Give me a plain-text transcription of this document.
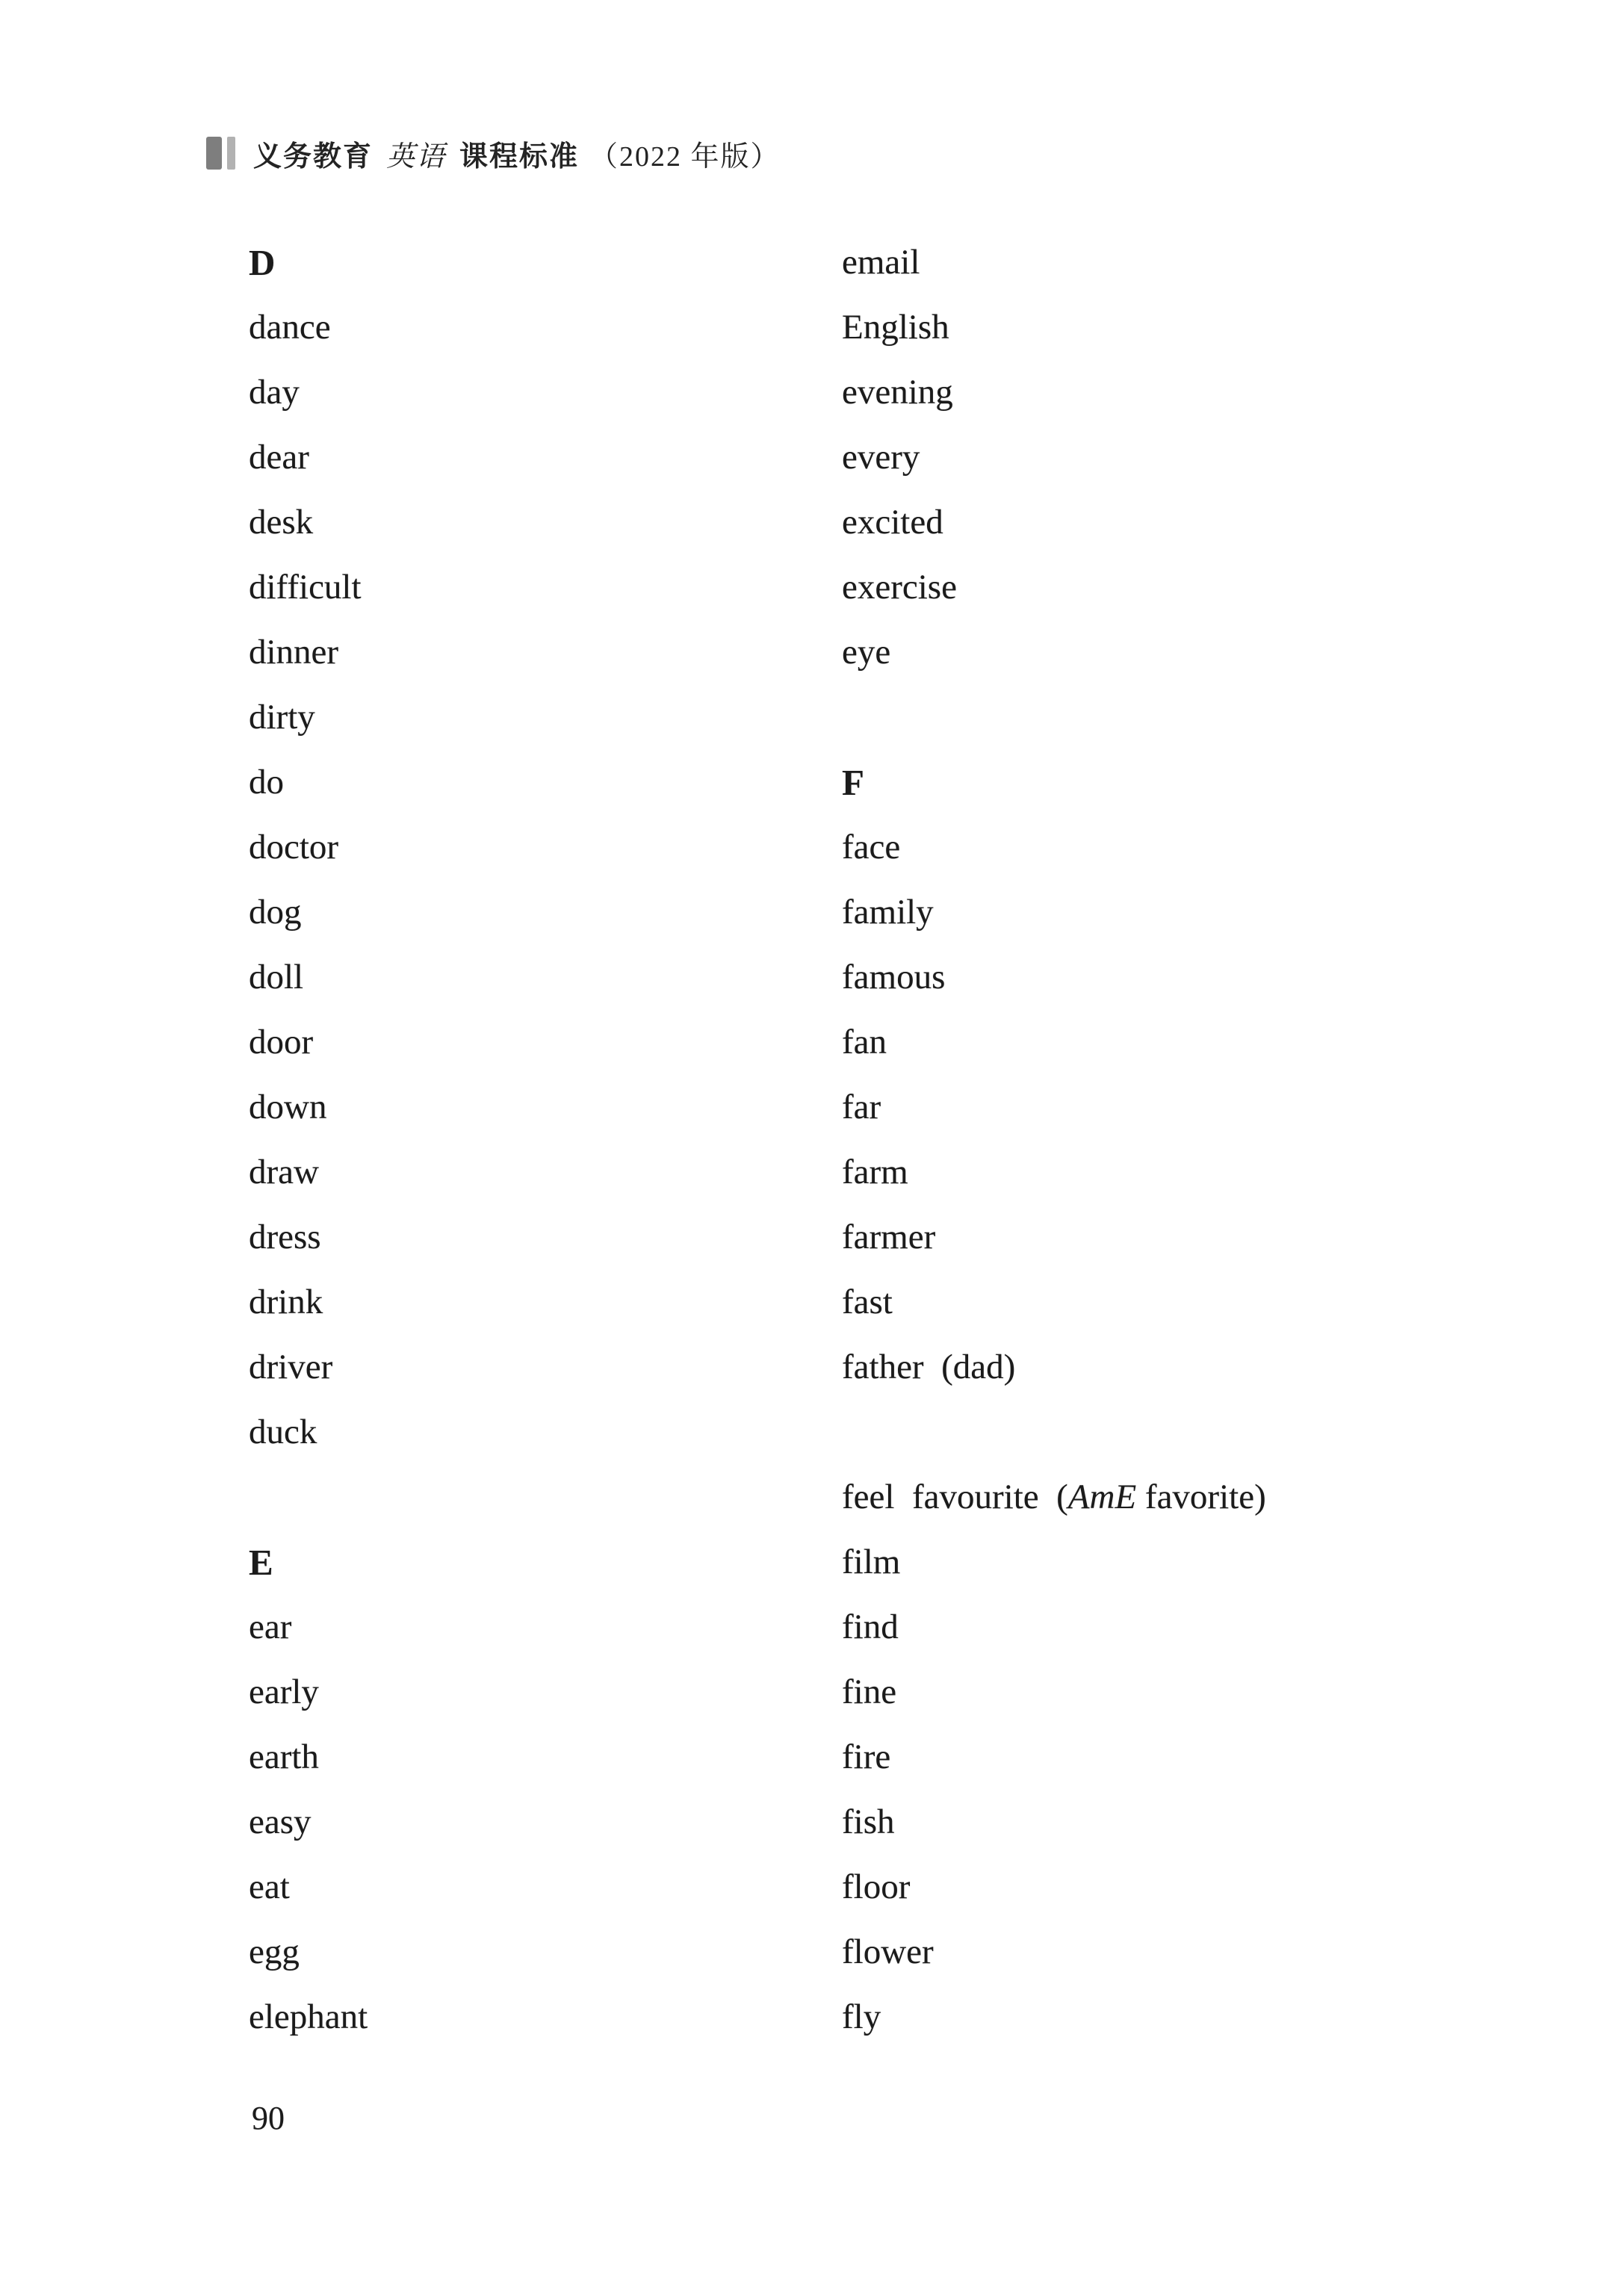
义务教育 英语 课程标准 （2022 年版）
D
dance
day
dear
desk
difficult
dinner
dirty
do
doctor
dog
doll
door
down
draw
dress
drink
driver
duck
E
ear
early
earth
easy
eat
egg
elephant
email
English
evening
every
excited
exercise
eye
F
face
family
famous
fan
far
farm
farmer
fast
father  (dad)

favourite  (AmE favorite)

feel
film
find
fine
fire
fish
floor
flower
fly
90
